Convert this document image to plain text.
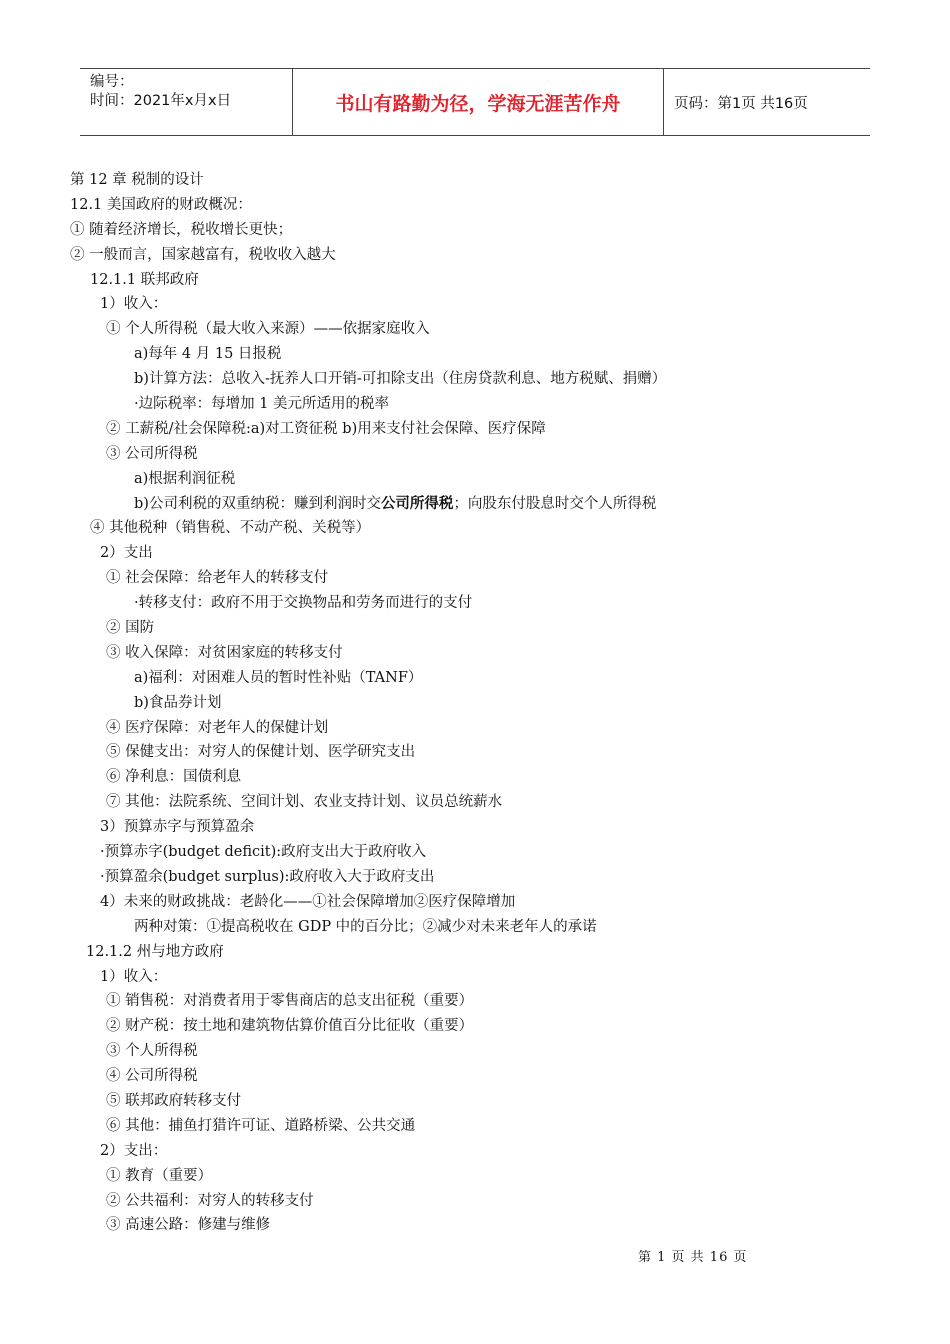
编号：
时间：2021年x月x日	书山有路勤为径，学海无涯苦作舟	页码：第1页 共16页
第 12 章 税制的设计
12.1 美国政府的财政概况：
① 随着经济增长，税收增长更快；
② 一般而言，国家越富有，税收收入越大
12.1.1 联邦政府
1）收入：
① 个人所得税（最大收入来源）——依据家庭收入
a)每年 4 月 15 日报税
b)计算方法：总收入-抚养人口开销-可扣除支出（住房贷款利息、地方税赋、捐赠）
·边际税率：每增加 1 美元所适用的税率
② 工薪税/社会保障税:a)对工资征税 b)用来支付社会保障、医疗保障
③ 公司所得税
a)根据利润征税
b)公司利税的双重纳税：赚到利润时交公司所得税；向股东付股息时交个人所得税
④ 其他税种（销售税、不动产税、关税等）
2）支出
① 社会保障：给老年人的转移支付
·转移支付：政府不用于交换物品和劳务而进行的支付
② 国防
③ 收入保障：对贫困家庭的转移支付
a)福利：对困难人员的暂时性补贴（TANF）
b)食品券计划
④ 医疗保障：对老年人的保健计划
⑤ 保健支出：对穷人的保健计划、医学研究支出
⑥ 净利息：国债利息
⑦ 其他：法院系统、空间计划、农业支持计划、议员总统薪水
3）预算赤字与预算盈余
·预算赤字(budget deficit):政府支出大于政府收入
·预算盈余(budget surplus):政府收入大于政府支出
4）未来的财政挑战：老龄化——①社会保障增加②医疗保障增加
两种对策：①提高税收在 GDP 中的百分比；②减少对未来老年人的承诺
12.1.2 州与地方政府
1）收入：
① 销售税：对消费者用于零售商店的总支出征税（重要）
② 财产税：按土地和建筑物估算价值百分比征收（重要）
③ 个人所得税
④ 公司所得税
⑤ 联邦政府转移支付
⑥ 其他：捕鱼打猎许可证、道路桥梁、公共交通
2）支出：
① 教育（重要）
② 公共福利：对穷人的转移支付
③ 高速公路：修建与维修
第 1 页 共 16 页
